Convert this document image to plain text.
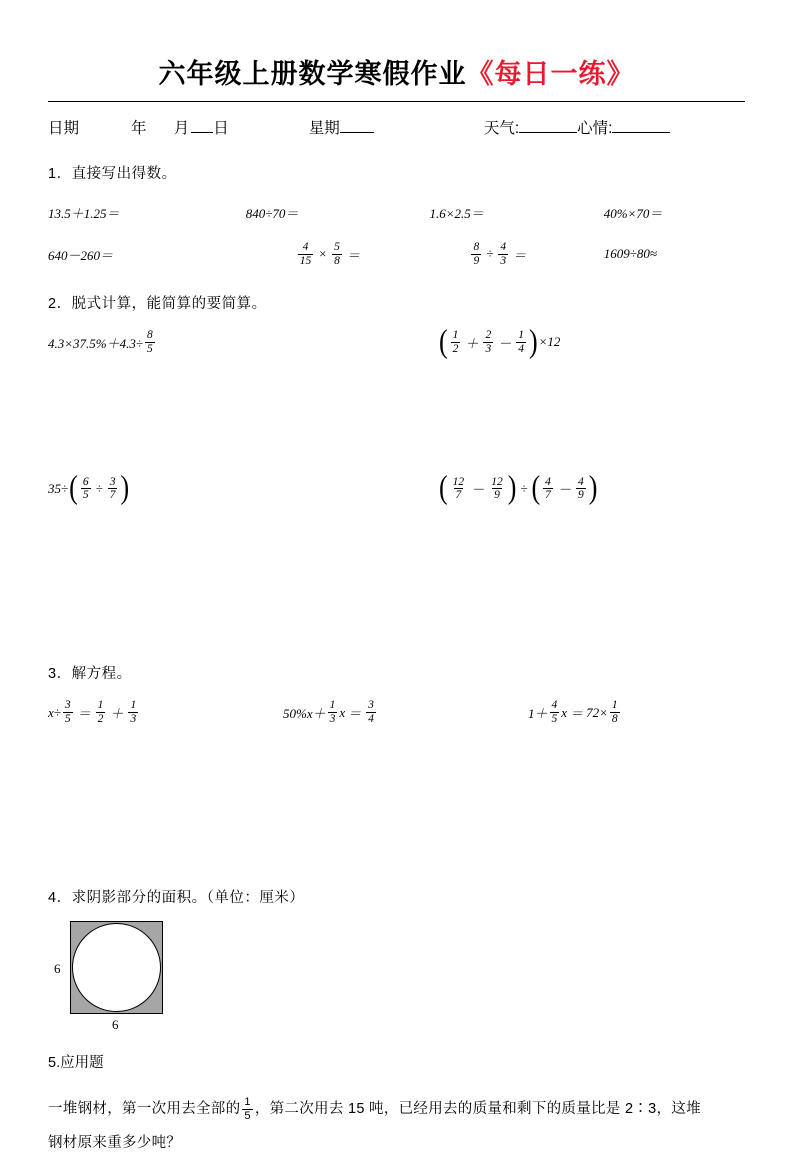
六年级上册数学寒假作业《每日一练》
日期	年 月 日	星期	天气:	心情:
1．直接写出得数。
13.5＋1.25＝	840÷70＝	1.6×2.5＝	40%×70＝
640－260＝	$\frac{4}{15} \times \frac{5}{8}$ ＝	$\frac{8}{9} \div \frac{4}{3}$ ＝	1609÷80≈
2．脱式计算，能简算的要简算。
$4.3\times 37.5\%+4.3\div \frac{8}{5}$	( $\frac{1}{2} + \frac{2}{3} - \frac{1}{4}$ ) ×12
35÷ ( $\frac{6}{5} \div \frac{3}{7}$ )	( $\frac{12}{7} - \frac{12}{9}$ ) ÷ ( $\frac{4}{7} - \frac{4}{9}$ )
3．解方程。
$x\div \frac{3}{5} = \frac{1}{2} + \frac{1}{3}$	$50\%x+ \frac{1}{3}$ $x = \frac{3}{4}$	$1+ \frac{4}{5}$ $x = 72\times \frac{1}{8}$
4．求阴影部分的面积。（单位：厘米）
6
6
5.应用题
一堆钢材，第一次用去全部的 $\frac{1}{5}$ ，第二次用去 15 吨，已经用去的质量和剩下的质量比是 2∶3，这堆
钢材原来重多少吨？
